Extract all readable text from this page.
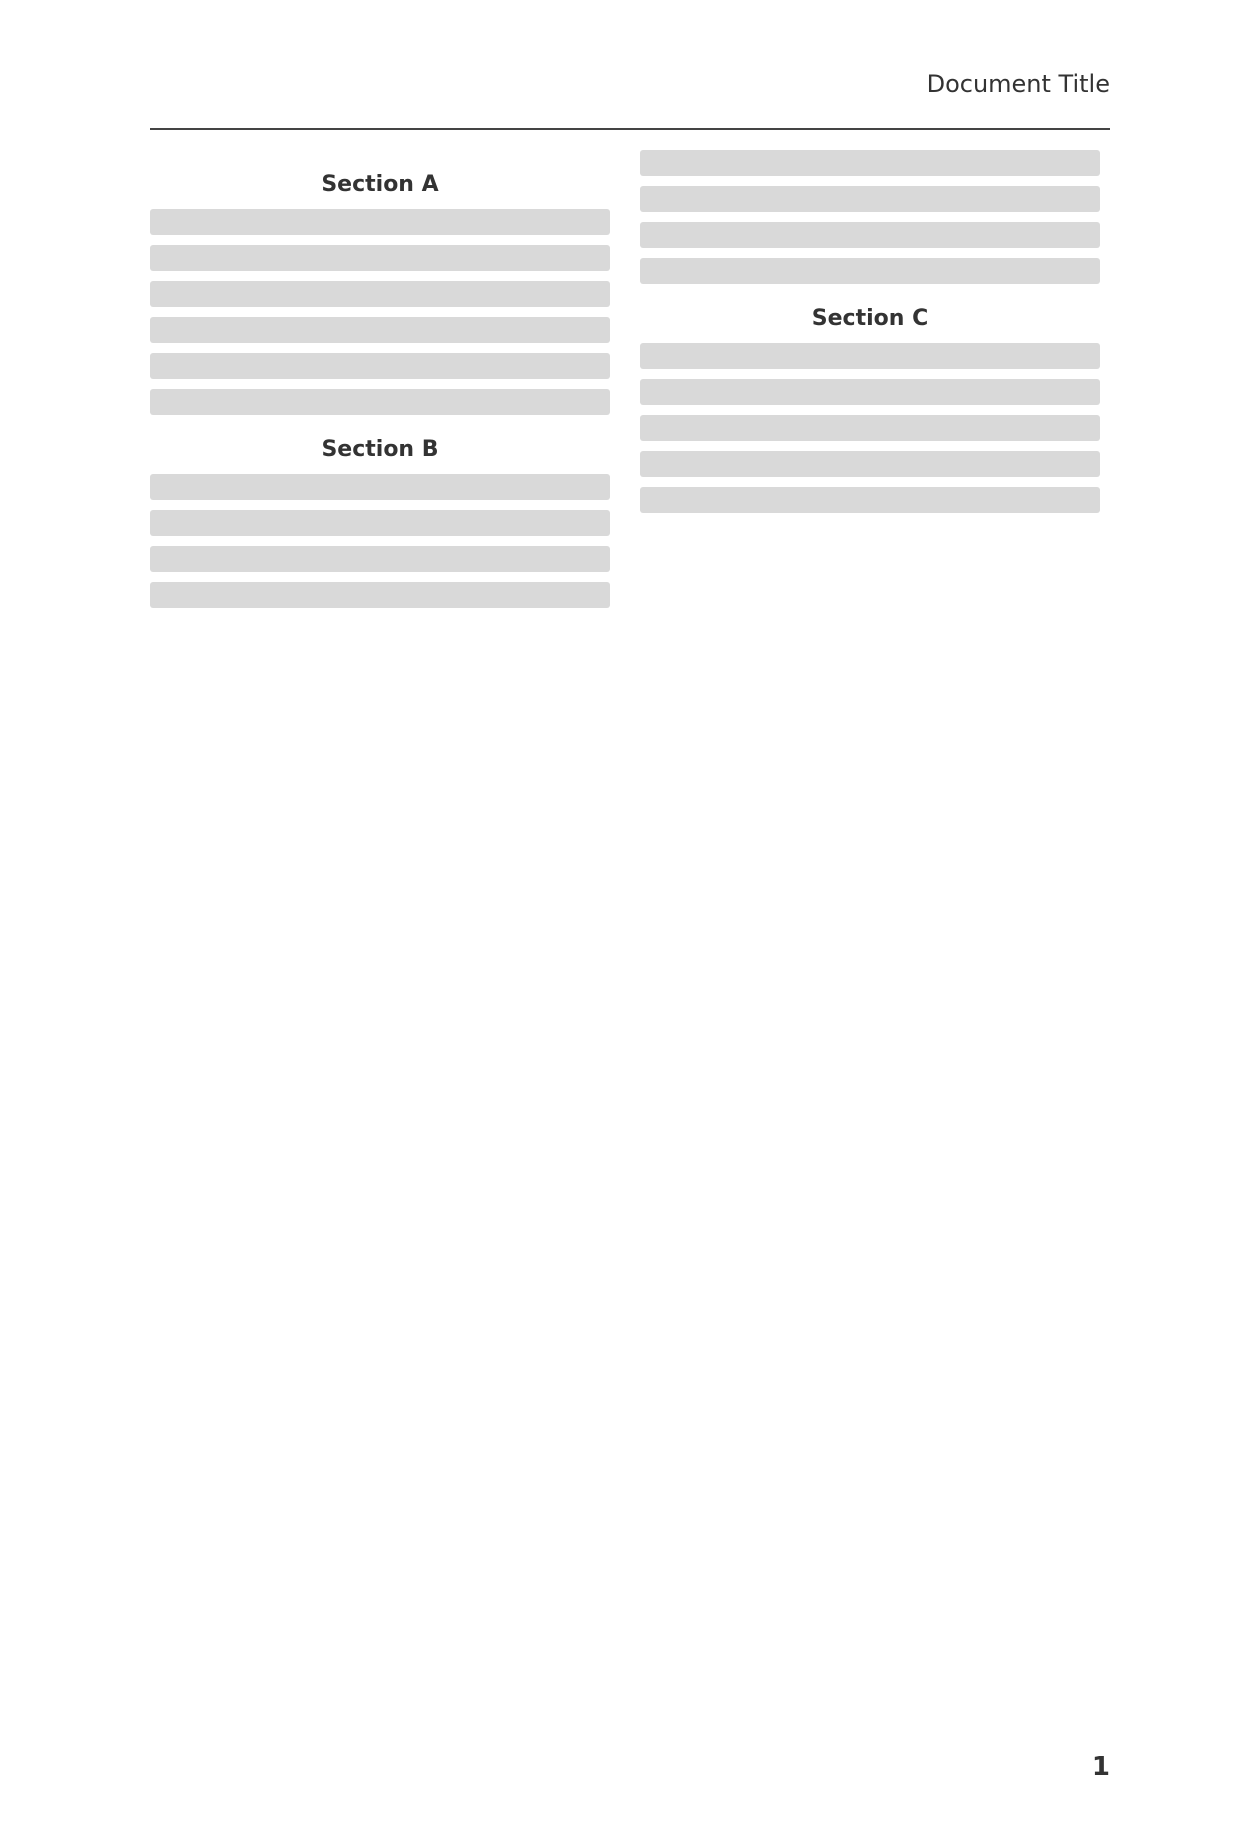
Document Title
Section A
Section B
Section C
1
